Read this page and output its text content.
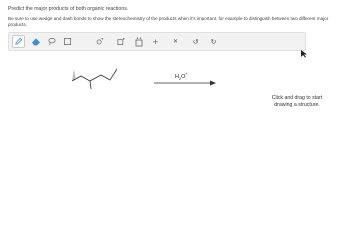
Predict the major products of both organic reactions.
Be sure to use wedge and dash bonds to show the stereochemistry of the products when it's important, for example to distinguish between two different major products.
+ ✕ ↺ ↻
$H_2O^+$
Click and drag to start
drawing a structure.
